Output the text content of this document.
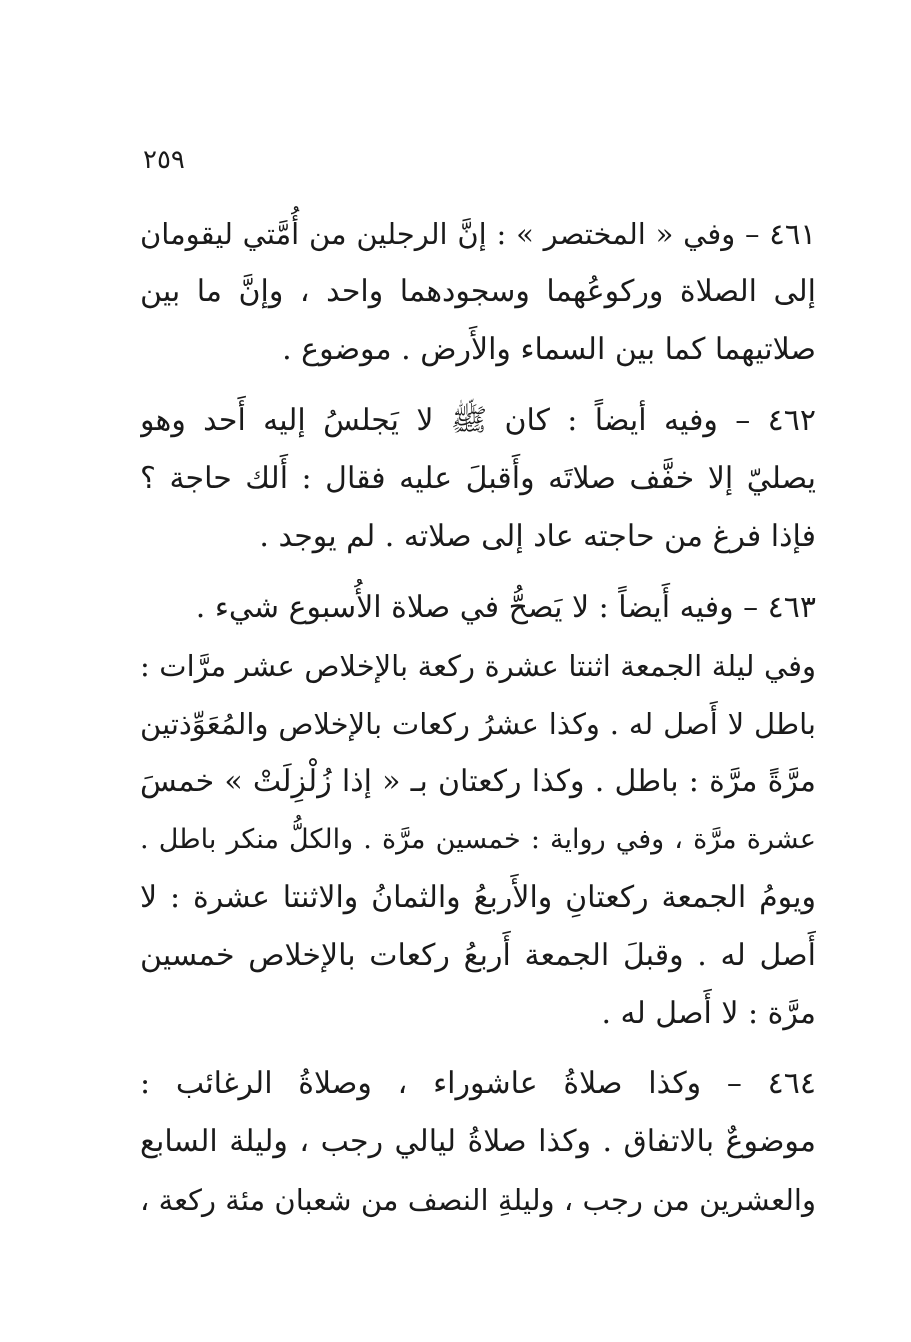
٢٥٩
٤٦١ – وفي « المختصر » : إنَّ الرجلين من أُمَّتي ليقومان
إلى الصلاة وركوعُهما وسجودهما واحد ، وإنَّ ما بين
صلاتيهما كما بين السماء والأَرض . موضوع .
٤٦٢ – وفيه أيضاً : كان ﷺ لا يَجلسُ إليه أَحد وهو
يصليّ إلا خفَّف صلاتَه وأَقبلَ عليه فقال : أَلك حاجة ؟
فإذا فرغ من حاجته عاد إلى صلاته . لم يوجد .
٤٦٣ – وفيه أَيضاً : لا يَصحُّ في صلاة الأُسبوع شيء .
وفي ليلة الجمعة اثنتا عشرة ركعة بالإخلاص عشر مرَّات :
باطل لا أَصل له . وكذا عشرُ ركعات بالإخلاص والمُعَوِّذتين
مرَّةً مرَّة : باطل . وكذا ركعتان بـ « إذا زُلْزِلَتْ » خمسَ
عشرة مرَّة ، وفي رواية : خمسين مرَّة . والكلُّ منكر باطل .
ويومُ الجمعة ركعتانِ والأَربعُ والثمانُ والاثنتا عشرة : لا
أَصل له . وقبلَ الجمعة أَربعُ ركعات بالإخلاص خمسين
مرَّة : لا أَصل له .
٤٦٤ – وكذا صلاةُ عاشوراء ، وصلاةُ الرغائب :
موضوعٌ بالاتفاق . وكذا صلاةُ ليالي رجب ، وليلة السابع
والعشرين من رجب ، وليلةِ النصف من شعبان مئة ركعة ،
